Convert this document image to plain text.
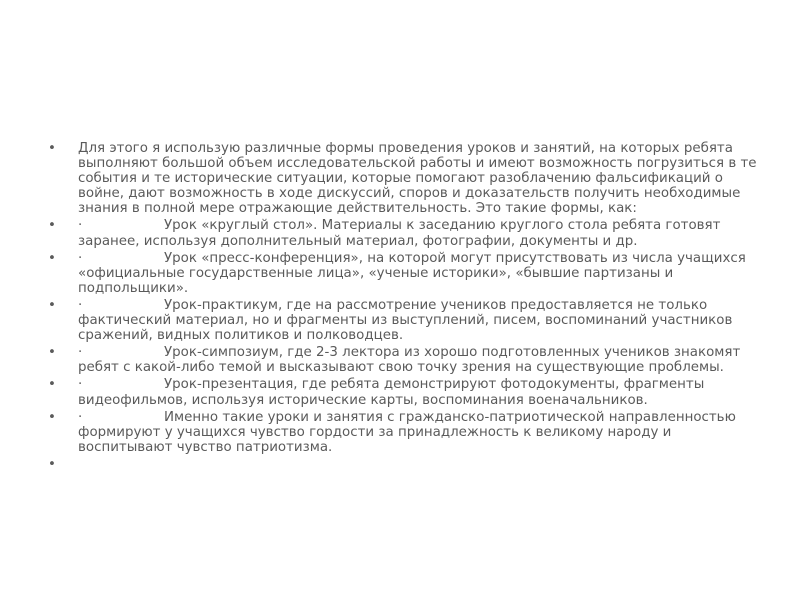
•	Для этого я использую различные формы проведения уроков и занятий, на которых ребята выполняют большой объем исследовательской работы и имеют возможность погрузиться в те события и те исторические ситуации, которые помогают разоблачению фальсификаций о войне, дают возможность в ходе дискуссий, споров и доказательств получить необходимые знания в полной мере отражающие действительность. Это такие формы, как:
•	·	Урок «круглый стол». Материалы к заседанию круглого стола ребята готовят заранее, используя дополнительный материал, фотографии, документы и др.
•	·	Урок «пресс-конференция», на которой могут присутствовать из числа учащихся «официальные государственные лица», «ученые историки», «бывшие партизаны и подпольщики».
•	·	Урок-практикум, где на рассмотрение учеников предоставляется не только фактический материал, но и фрагменты из выступлений, писем, воспоминаний участников сражений, видных политиков и полководцев.
•	·	Урок-симпозиум, где 2-3 лектора из хорошо подготовленных учеников знакомят ребят с какой-либо темой и высказывают свою точку зрения на существующие проблемы.
•	·	Урок-презентация, где ребята демонстрируют фотодокументы, фрагменты видеофильмов, используя исторические карты, воспоминания военачальников.
•	·	Именно такие уроки и занятия с гражданско-патриотической направленностью формируют у учащихся чувство гордости за принадлежность к великому народу и воспитывают чувство патриотизма.
•
